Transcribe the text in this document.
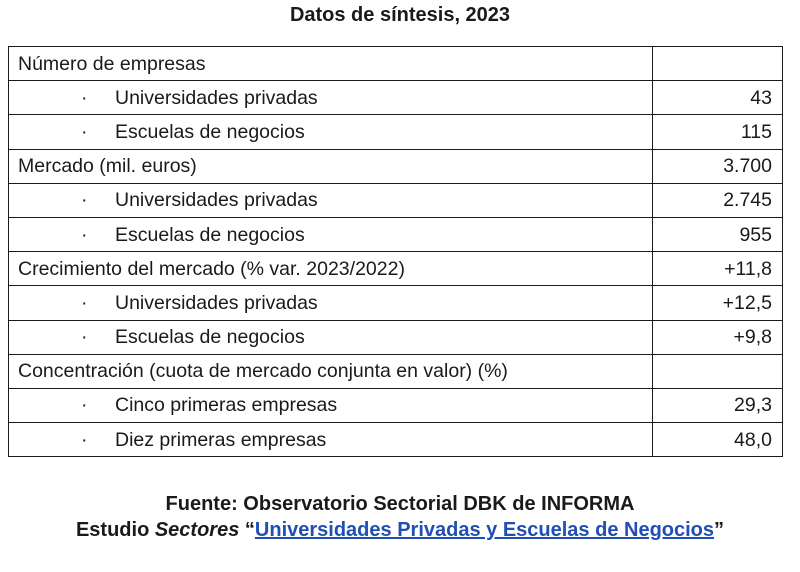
Datos de síntesis, 2023
Número de empresas	
· Universidades privadas	43
· Escuelas de negocios	115
Mercado (mil. euros)	3.700
· Universidades privadas	2.745
· Escuelas de negocios	955
Crecimiento del mercado (% var. 2023/2022)	+11,8
· Universidades privadas	+12,5
· Escuelas de negocios	+9,8
Concentración (cuota de mercado conjunta en valor) (%)	
· Cinco primeras empresas	29,3
· Diez primeras empresas	48,0
Fuente: Observatorio Sectorial DBK de INFORMA
Estudio Sectores “Universidades Privadas y Escuelas de Negocios”
